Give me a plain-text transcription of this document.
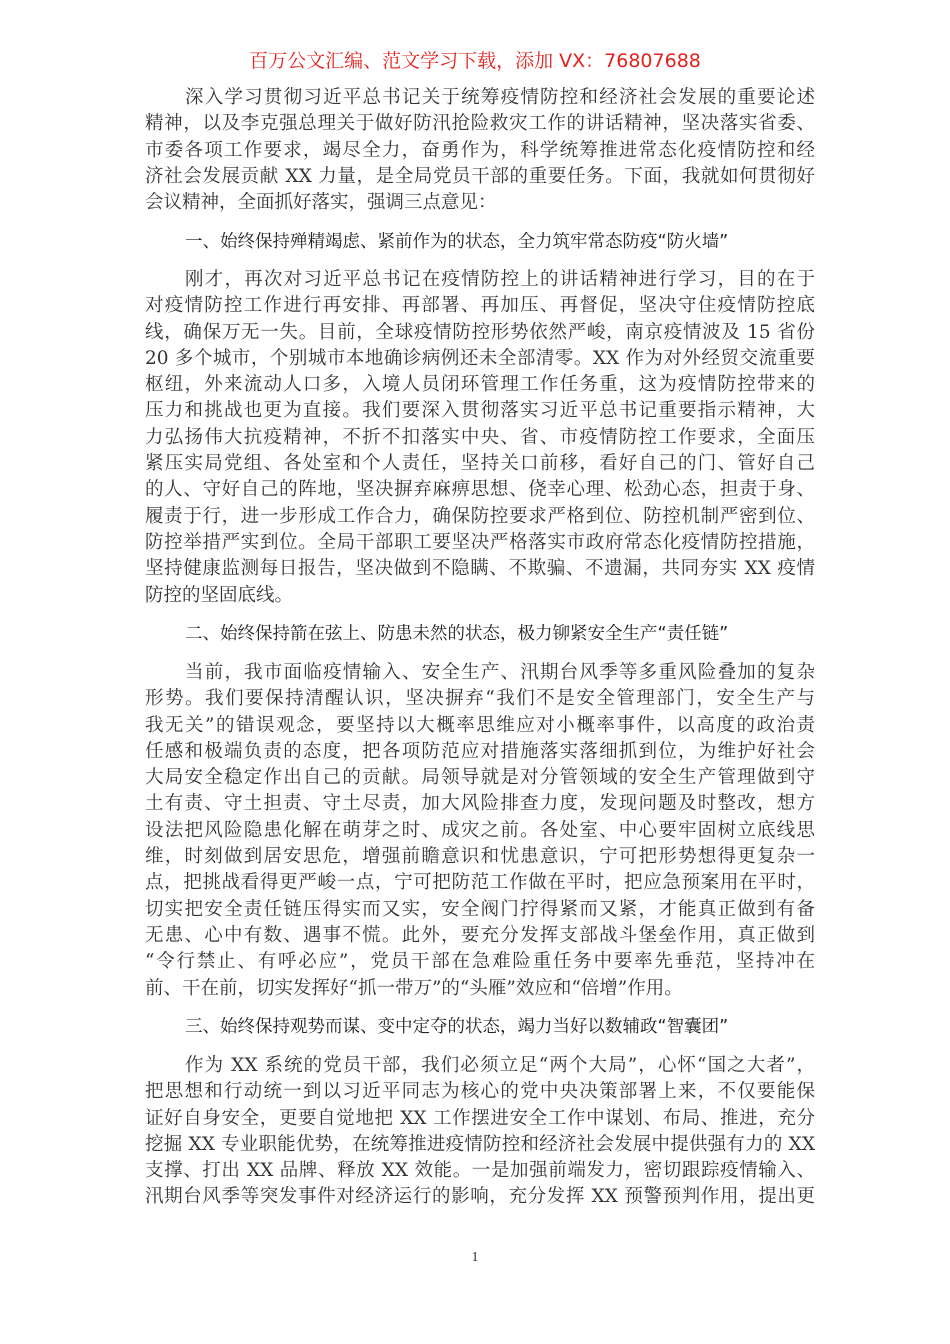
百万公文汇编、范文学习下载，添加 VX：76807688
深入学习贯彻习近平总书记关于统筹疫情防控和经济社会发展的重要论述
精神，以及李克强总理关于做好防汛抢险救灾工作的讲话精神，坚决落实省委、
市委各项工作要求，竭尽全力，奋勇作为，科学统筹推进常态化疫情防控和经
济社会发展贡献 XX 力量，是全局党员干部的重要任务。下面，我就如何贯彻好
会议精神，全面抓好落实，强调三点意见：
一、始终保持殚精竭虑、紧前作为的状态，全力筑牢常态防疫“防火墙”
刚才，再次对习近平总书记在疫情防控上的讲话精神进行学习，目的在于
对疫情防控工作进行再安排、再部署、再加压、再督促，坚决守住疫情防控底
线，确保万无一失。目前，全球疫情防控形势依然严峻，南京疫情波及 15 省份
20 多个城市，个别城市本地确诊病例还未全部清零。XX 作为对外经贸交流重要
枢纽，外来流动人口多，入境人员闭环管理工作任务重，这为疫情防控带来的
压力和挑战也更为直接。我们要深入贯彻落实习近平总书记重要指示精神，大
力弘扬伟大抗疫精神，不折不扣落实中央、省、市疫情防控工作要求，全面压
紧压实局党组、各处室和个人责任，坚持关口前移，看好自己的门、管好自己
的人、守好自己的阵地，坚决摒弃麻痹思想、侥幸心理、松劲心态，担责于身、
履责于行，进一步形成工作合力，确保防控要求严格到位、防控机制严密到位、
防控举措严实到位。全局干部职工要坚决严格落实市政府常态化疫情防控措施，
坚持健康监测每日报告，坚决做到不隐瞒、不欺骗、不遗漏，共同夯实 XX 疫情
防控的坚固底线。
二、始终保持箭在弦上、防患未然的状态，极力铆紧安全生产“责任链”
当前，我市面临疫情输入、安全生产、汛期台风季等多重风险叠加的复杂
形势。我们要保持清醒认识，坚决摒弃“我们不是安全管理部门，安全生产与
我无关”的错误观念，要坚持以大概率思维应对小概率事件，以高度的政治责
任感和极端负责的态度，把各项防范应对措施落实落细抓到位，为维护好社会
大局安全稳定作出自己的贡献。局领导就是对分管领域的安全生产管理做到守
土有责、守土担责、守土尽责，加大风险排查力度，发现问题及时整改，想方
设法把风险隐患化解在萌芽之时、成灾之前。各处室、中心要牢固树立底线思
维，时刻做到居安思危，增强前瞻意识和忧患意识，宁可把形势想得更复杂一
点，把挑战看得更严峻一点，宁可把防范工作做在平时，把应急预案用在平时，
切实把安全责任链压得实而又实，安全阀门拧得紧而又紧，才能真正做到有备
无患、心中有数、遇事不慌。此外，要充分发挥支部战斗堡垒作用，真正做到
“令行禁止、有呼必应”，党员干部在急难险重任务中要率先垂范，坚持冲在
前、干在前，切实发挥好“抓一带万”的“头雁”效应和“倍增”作用。
三、始终保持观势而谋、变中定夺的状态，竭力当好以数辅政“智囊团”
作为 XX 系统的党员干部，我们必须立足“两个大局”，心怀“国之大者”，
把思想和行动统一到以习近平同志为核心的党中央决策部署上来，不仅要能保
证好自身安全，更要自觉地把 XX 工作摆进安全工作中谋划、布局、推进，充分
挖掘 XX 专业职能优势，在统筹推进疫情防控和经济社会发展中提供强有力的 XX
支撑、打出 XX 品牌、释放 XX 效能。一是加强前端发力，密切跟踪疫情输入、
汛期台风季等突发事件对经济运行的影响，充分发挥 XX 预警预判作用，提出更
1
